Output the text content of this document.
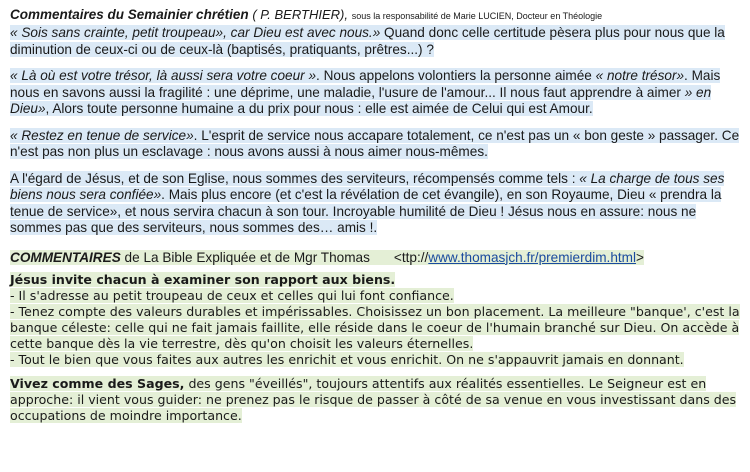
Commentaires du Semainier chrétien ( P. BERTHIER), sous la responsabilité de Marie LUCIEN, Docteur en Théologie

« Sois sans crainte, petit troupeau», car Dieu est avec nous.» Quand donc celle certitude pèsera plus pour nous que la diminution de ceux-ci ou de ceux-là (baptisés, pratiquants, prêtres...) ?

« Là où est votre trésor, là aussi sera votre coeur ». Nous appelons volontiers la personne aimée « notre trésor». Mais nous en savons aussi la fragilité : une déprime, une maladie, l'usure de l'amour... Il nous faut apprendre à aimer » en Dieu», Alors toute personne humaine a du prix pour nous : elle est aimée de Celui qui est Amour.

« Restez en tenue de service». L'esprit de service nous accapare totalement, ce n'est pas un « bon geste » passager. Ce n'est pas non plus un esclavage : nous avons aussi à nous aimer nous-mêmes.

A l'égard de Jésus, et de son Eglise, nous sommes des serviteurs, récompensés comme tels : « La charge de tous ses biens nous sera confiée». Mais plus encore (et c'est la révélation de cet évangile), en son Royaume, Dieu « prendra la tenue de service», et nous servira chacun à son tour. Incroyable humilité de Dieu ! Jésus nous en assure: nous ne sommes pas que des serviteurs, nous sommes des… amis !.

COMMENTAIRES de La Bible Expliquée et de Mgr Thomas <ttp://www.thomasjch.fr/premierdim.html>
Jésus invite chacun à examiner son rapport aux biens.
- Il s'adresse au petit troupeau de ceux et celles qui lui font confiance.
- Tenez compte des valeurs durables et impérissables. Choisissez un bon placement. La meilleure "banque', c'est la banque céleste: celle qui ne fait jamais faillite, elle réside dans le coeur de l'humain branché sur Dieu. On accède à cette banque dès la vie terrestre, dès qu'on choisit les valeurs éternelles.
- Tout le bien que vous faites aux autres les enrichit et vous enrichit. On ne s'appauvrit jamais en donnant.
Vivez comme des Sages, des gens "éveillés", toujours attentifs aux réalités essentielles. Le Seigneur est en approche: il vient vous guider: ne prenez pas le risque de passer à côté de sa venue en vous investissant dans des occupations de moindre importance.
